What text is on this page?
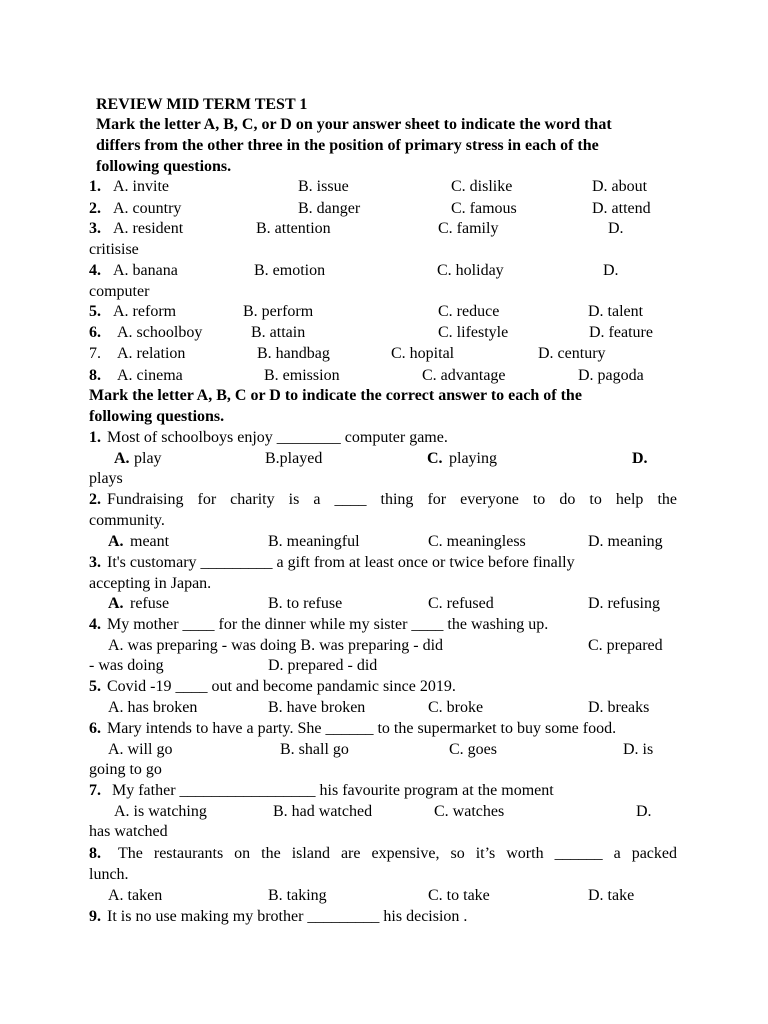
REVIEW MID TERM TEST 1
Mark the letter A, B, C, or D on your answer sheet to indicate the word that
differs from the other three in the position of primary stress in each of the
following questions.
1. A. invite	B. issue	C. dislike	D. about
2. A. country	B. danger	C. famous	D. attend
3. A. resident	B. attention	C. family	D.
critisise
4. A. banana	B. emotion	C. holiday	D.
computer
5. A. reform	B. perform	C. reduce	D. talent
6. A. schoolboy	B. attain	C. lifestyle	D. feature
7. A. relation	B. handbag	C. hopital	D. century
8. A. cinema	B. emission	C. advantage	D. pagoda
Mark the letter A, B, C or D to indicate the correct answer to each of the
following questions.
1. Most of schoolboys enjoy ________ computer game.
A. play	B.played	C. playing	D.
plays
2. Fundraising for charity is a ____ thing for everyone to do to help the
community.
A. meant	B. meaningful	C. meaningless	D. meaning
3. It's customary _________ a gift from at least once or twice before finally
accepting in Japan.
A. refuse	B. to refuse	C. refused	D. refusing
4. My mother ____ for the dinner while my sister ____ the washing up.
A. was preparing - was doing B. was preparing - did	C. prepared
- was doing	D. prepared - did
5. Covid -19 ____ out and become pandamic since 2019.
A. has broken	B. have broken	C. broke	D. breaks
6. Mary intends to have a party. She ______ to the supermarket to buy some food.
A. will go	B. shall go	C. goes	D. is
going to go
7. My father _________________ his favourite program at the moment
A. is watching	B. had watched	C. watches	D.
has watched
8. The restaurants on the island are expensive, so it’s worth ______ a packed
lunch.
A. taken	B. taking	C. to take	D. take
9. It is no use making my brother _________ his decision .
